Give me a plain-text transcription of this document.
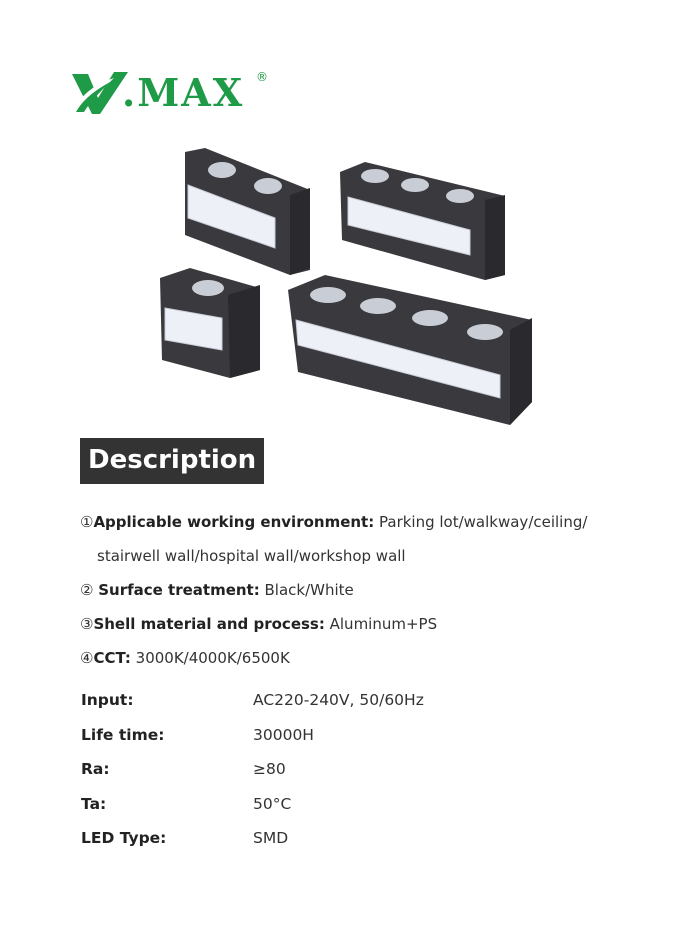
.MAX ®
Description
①Applicable working environment: Parking lot/walkway/ceiling/
stairwell wall/hospital wall/workshop wall
② Surface treatment: Black/White
③Shell material and process: Aluminum+PS
④CCT: 3000K/4000K/6500K
Input:	AC220-240V, 50/60Hz
Life time:	30000H
Ra:	≥80
Ta:	50°C
LED Type:	SMD
